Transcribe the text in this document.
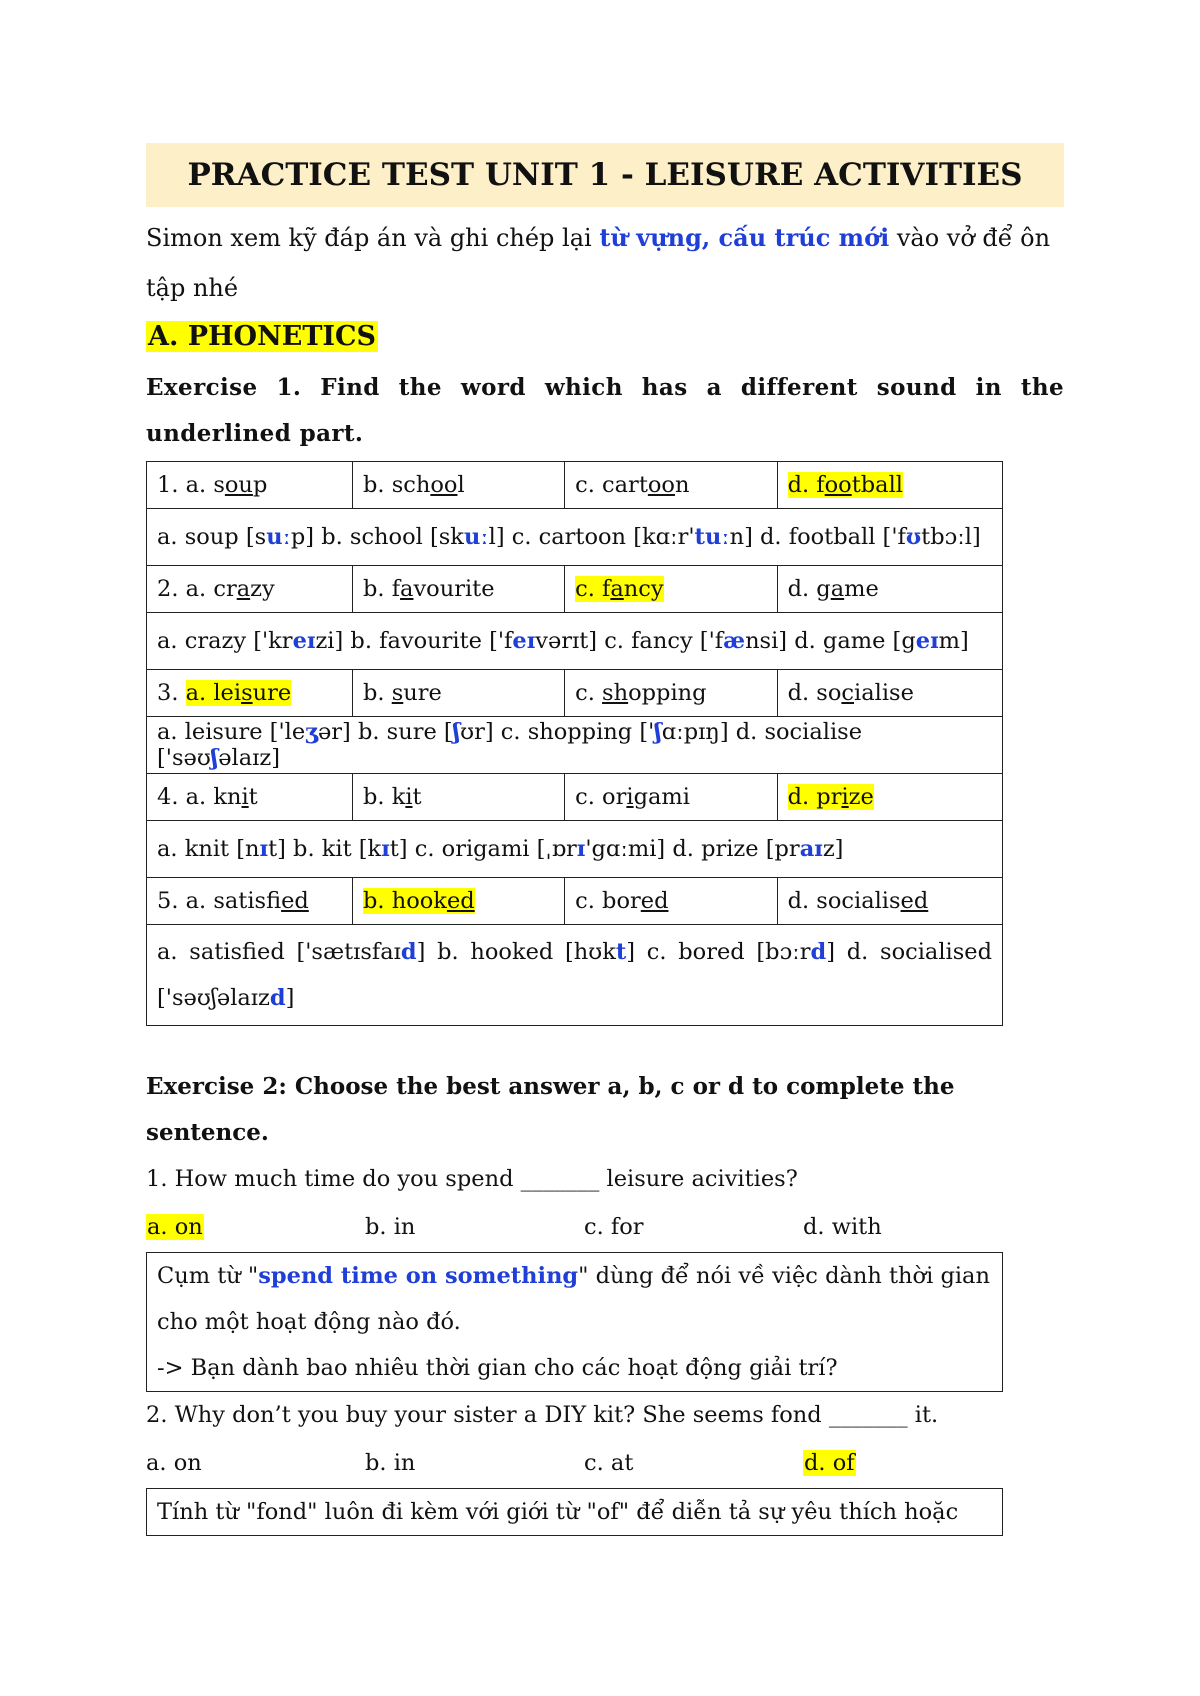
PRACTICE TEST UNIT 1 - LEISURE ACTIVITIES
Simon xem kỹ đáp án và ghi chép lại từ vựng, cấu trúc mới vào vở để ôn tập nhé
A. PHONETICS
Exercise 1. Find the word which has a different sound in the underlined part.
1. a. soup	b. school	c. cartoon	d. football
a. soup [suːp] b. school [skuːl] c. cartoon [kɑːr'tuːn] d. football ['fʊtbɔːl]			
2. a. crazy	b. favourite	c. fancy	d. game
a. crazy ['kreɪzi] b. favourite ['feɪvərɪt] c. fancy ['fænsi] d. game [geɪm]			
3. a. leisure	b. sure	c. shopping	d. socialise
a. leisure ['leʒər] b. sure [ʃʊr] c. shopping ['ʃɑːpɪŋ] d. socialise ['səʊʃəlaɪz]			
4. a. knit	b. kit	c. origami	d. prize
a. knit [nɪt] b. kit [kɪt] c. origami [ˌɒrɪ'gɑːmi] d. prize [praɪz]			
5. a. satisfied	b. hooked	c. bored	d. socialised
a. satisfied ['sætɪsfaɪd] b. hooked [hʊkt] c. bored [bɔːrd] d. socialised ['səʊʃəlaɪzd]			
Exercise 2: Choose the best answer a, b, c or d to complete the sentence.
1. How much time do you spend _______ leisure acivities?
a. on	b. in	c. for	d. with

Cụm từ "spend time on something" dùng để nói về việc dành thời gian cho một hoạt động nào đó.

-> Bạn dành bao nhiêu thời gian cho các hoạt động giải trí?

2. Why don’t you buy your sister a DIY kit? She seems fond _______ it.
a. on	b. in	c. at	d. of

Tính từ "fond" luôn đi kèm với giới từ "of" để diễn tả sự yêu thích hoặc
